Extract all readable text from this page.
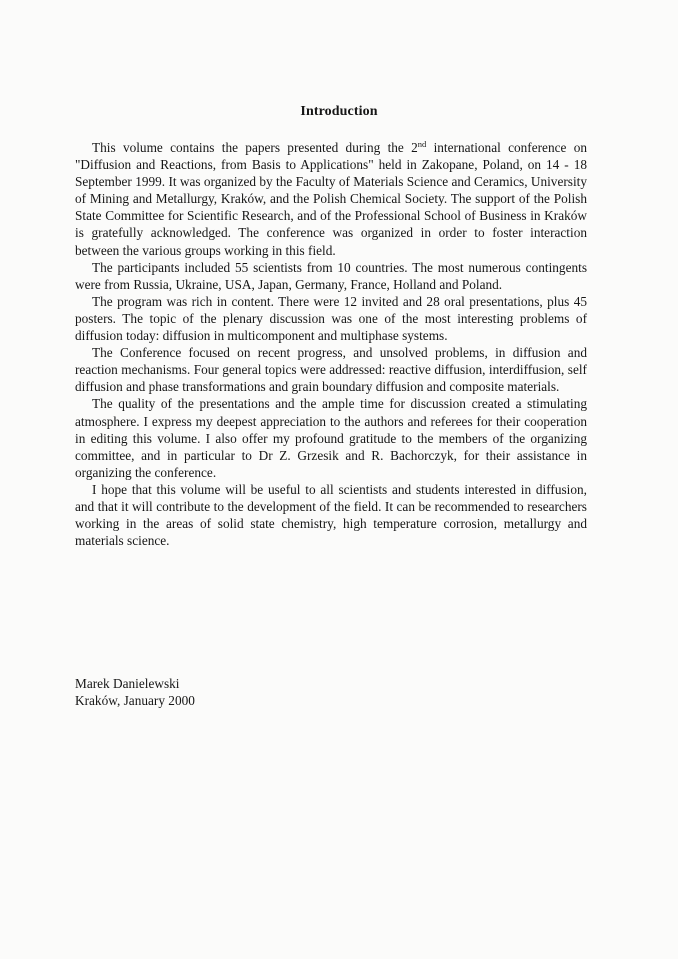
Introduction

This volume contains the papers presented during the 2nd international conference on "Diffusion and Reactions, from Basis to Applications" held in Zakopane, Poland, on 14 - 18 September 1999. It was organized by the Faculty of Materials Science and Ceramics, University of Mining and Metallurgy, Kraków, and the Polish Chemical Society. The support of the Polish State Committee for Scientific Research, and of the Professional School of Business in Kraków is gratefully acknowledged. The conference was organized in order to foster interaction between the various groups working in this field.

The participants included 55 scientists from 10 countries. The most numerous contingents were from Russia, Ukraine, USA, Japan, Germany, France, Holland and Poland.

The program was rich in content. There were 12 invited and 28 oral presentations, plus 45 posters. The topic of the plenary discussion was one of the most interesting problems of diffusion today: diffusion in multicomponent and multiphase systems.

The Conference focused on recent progress, and unsolved problems, in diffusion and reaction mechanisms. Four general topics were addressed: reactive diffusion, interdiffusion, self diffusion and phase transformations and grain boundary diffusion and composite materials.

The quality of the presentations and the ample time for discussion created a stimulating atmosphere. I express my deepest appreciation to the authors and referees for their cooperation in editing this volume. I also offer my profound gratitude to the members of the organizing committee, and in particular to Dr Z. Grzesik and R. Bachorczyk, for their assistance in organizing the conference.

I hope that this volume will be useful to all scientists and students interested in diffusion, and that it will contribute to the development of the field. It can be recommended to researchers working in the areas of solid state chemistry, high temperature corrosion, metallurgy and materials science.

Marek Danielewski
Kraków, January 2000
